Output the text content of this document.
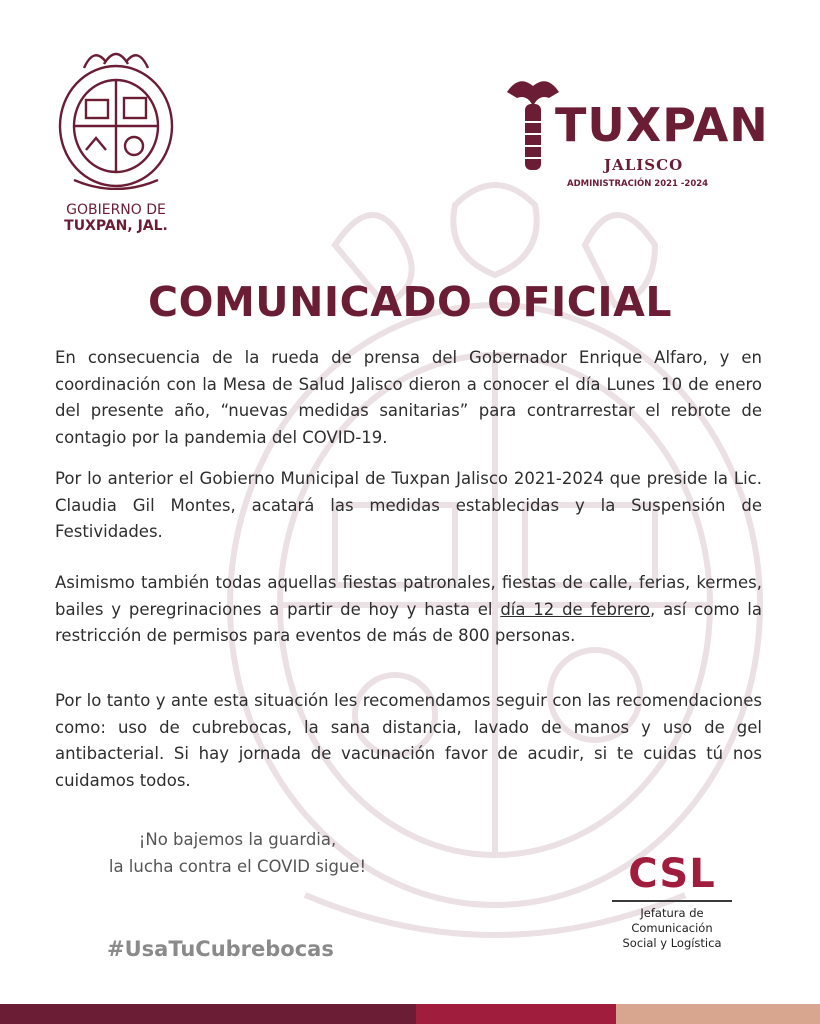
GOBIERNO DE
TUXPAN, JAL.
TUXPAN
JALISCO
ADMINISTRACIÓN 2021 -2024
COMUNICADO OFICIAL
En consecuencia de la rueda de prensa del Gobernador Enrique Alfaro, y en coordinación con la Mesa de Salud Jalisco dieron a conocer el día Lunes 10 de enero del presente año, “nuevas medidas sanitarias” para contrarrestar el rebrote de contagio por la pandemia del COVID-19.
Por lo anterior el Gobierno Municipal de Tuxpan Jalisco 2021-2024 que preside la Lic. Claudia Gil Montes, acatará las medidas establecidas y la Suspensión de Festividades.
Asimismo también todas aquellas fiestas patronales, fiestas de calle, ferias, kermes, bailes y peregrinaciones a partir de hoy y hasta el día 12 de febrero, así como la restricción de permisos para eventos de más de 800 personas.
Por lo tanto y ante esta situación les recomendamos seguir con las recomendaciones como: uso de cubrebocas, la sana distancia, lavado de manos y uso de gel antibacterial. Si hay jornada de vacunación favor de acudir, si te cuidas tú nos cuidamos todos.
¡No bajemos la guardia,
la lucha contra el COVID sigue!
#UsaTuCubrebocas
CSL
Jefatura de
Comunicación
Social y Logística
